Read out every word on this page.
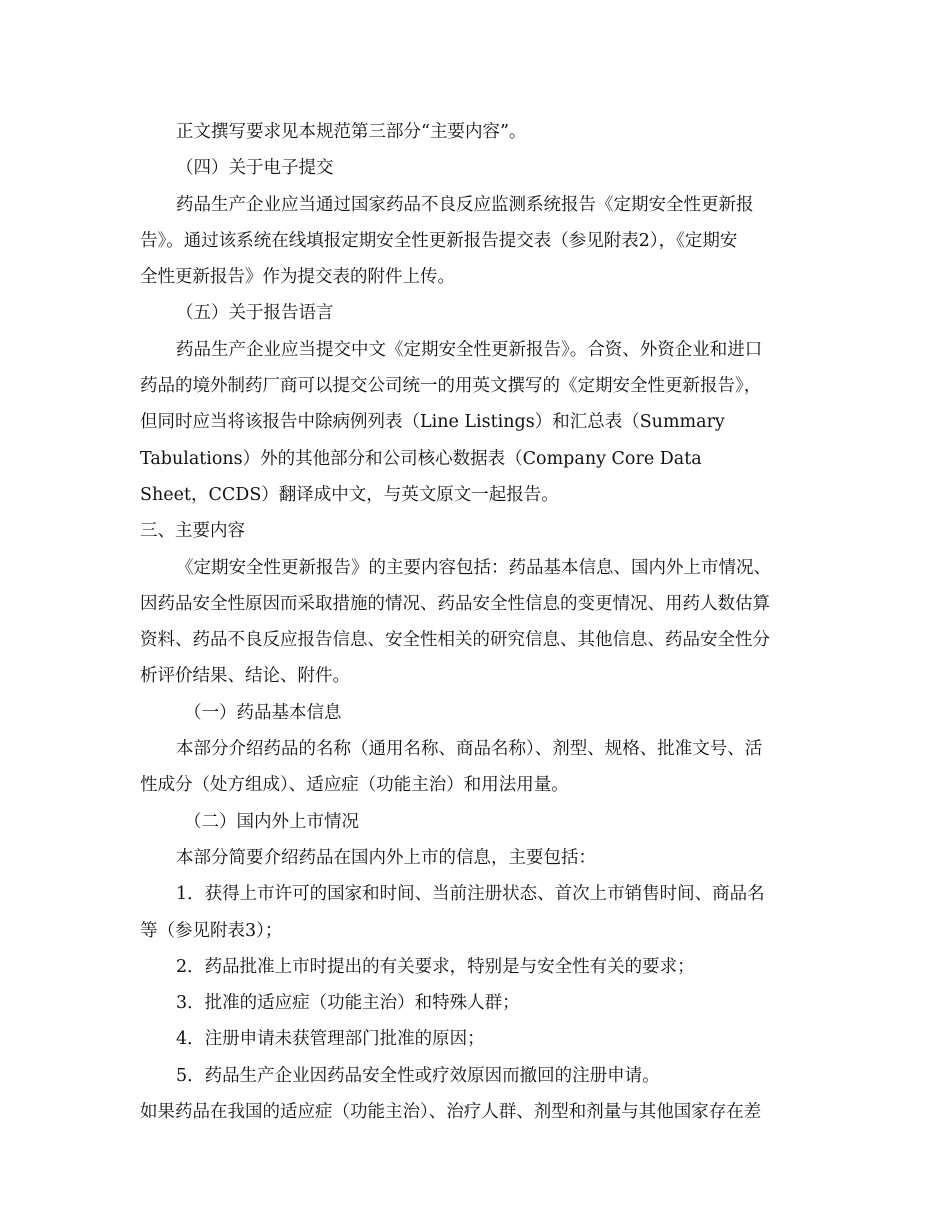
正文撰写要求见本规范第三部分“主要内容”。
（四）关于电子提交
药品生产企业应当通过国家药品不良反应监测系统报告《定期安全性更新报
告》。通过该系统在线填报定期安全性更新报告提交表（参见附表2），《定期安
全性更新报告》作为提交表的附件上传。
（五）关于报告语言
药品生产企业应当提交中文《定期安全性更新报告》。合资、外资企业和进口
药品的境外制药厂商可以提交公司统一的用英文撰写的《定期安全性更新报告》，
但同时应当将该报告中除病例列表（Line Listings）和汇总表（Summary
Tabulations）外的其他部分和公司核心数据表（Company Core Data
Sheet，CCDS）翻译成中文，与英文原文一起报告。
三、主要内容
《定期安全性更新报告》的主要内容包括：药品基本信息、国内外上市情况、
因药品安全性原因而采取措施的情况、药品安全性信息的变更情况、用药人数估算
资料、药品不良反应报告信息、安全性相关的研究信息、其他信息、药品安全性分
析评价结果、结论、附件。
（一）药品基本信息
本部分介绍药品的名称（通用名称、商品名称）、剂型、规格、批准文号、活
性成分（处方组成）、适应症（功能主治）和用法用量。
（二）国内外上市情况
本部分简要介绍药品在国内外上市的信息，主要包括：
1．获得上市许可的国家和时间、当前注册状态、首次上市销售时间、商品名
等（参见附表3）；
2．药品批准上市时提出的有关要求，特别是与安全性有关的要求；
3．批准的适应症（功能主治）和特殊人群；
4．注册申请未获管理部门批准的原因；
5．药品生产企业因药品安全性或疗效原因而撤回的注册申请。
如果药品在我国的适应症（功能主治）、治疗人群、剂型和剂量与其他国家存在差
